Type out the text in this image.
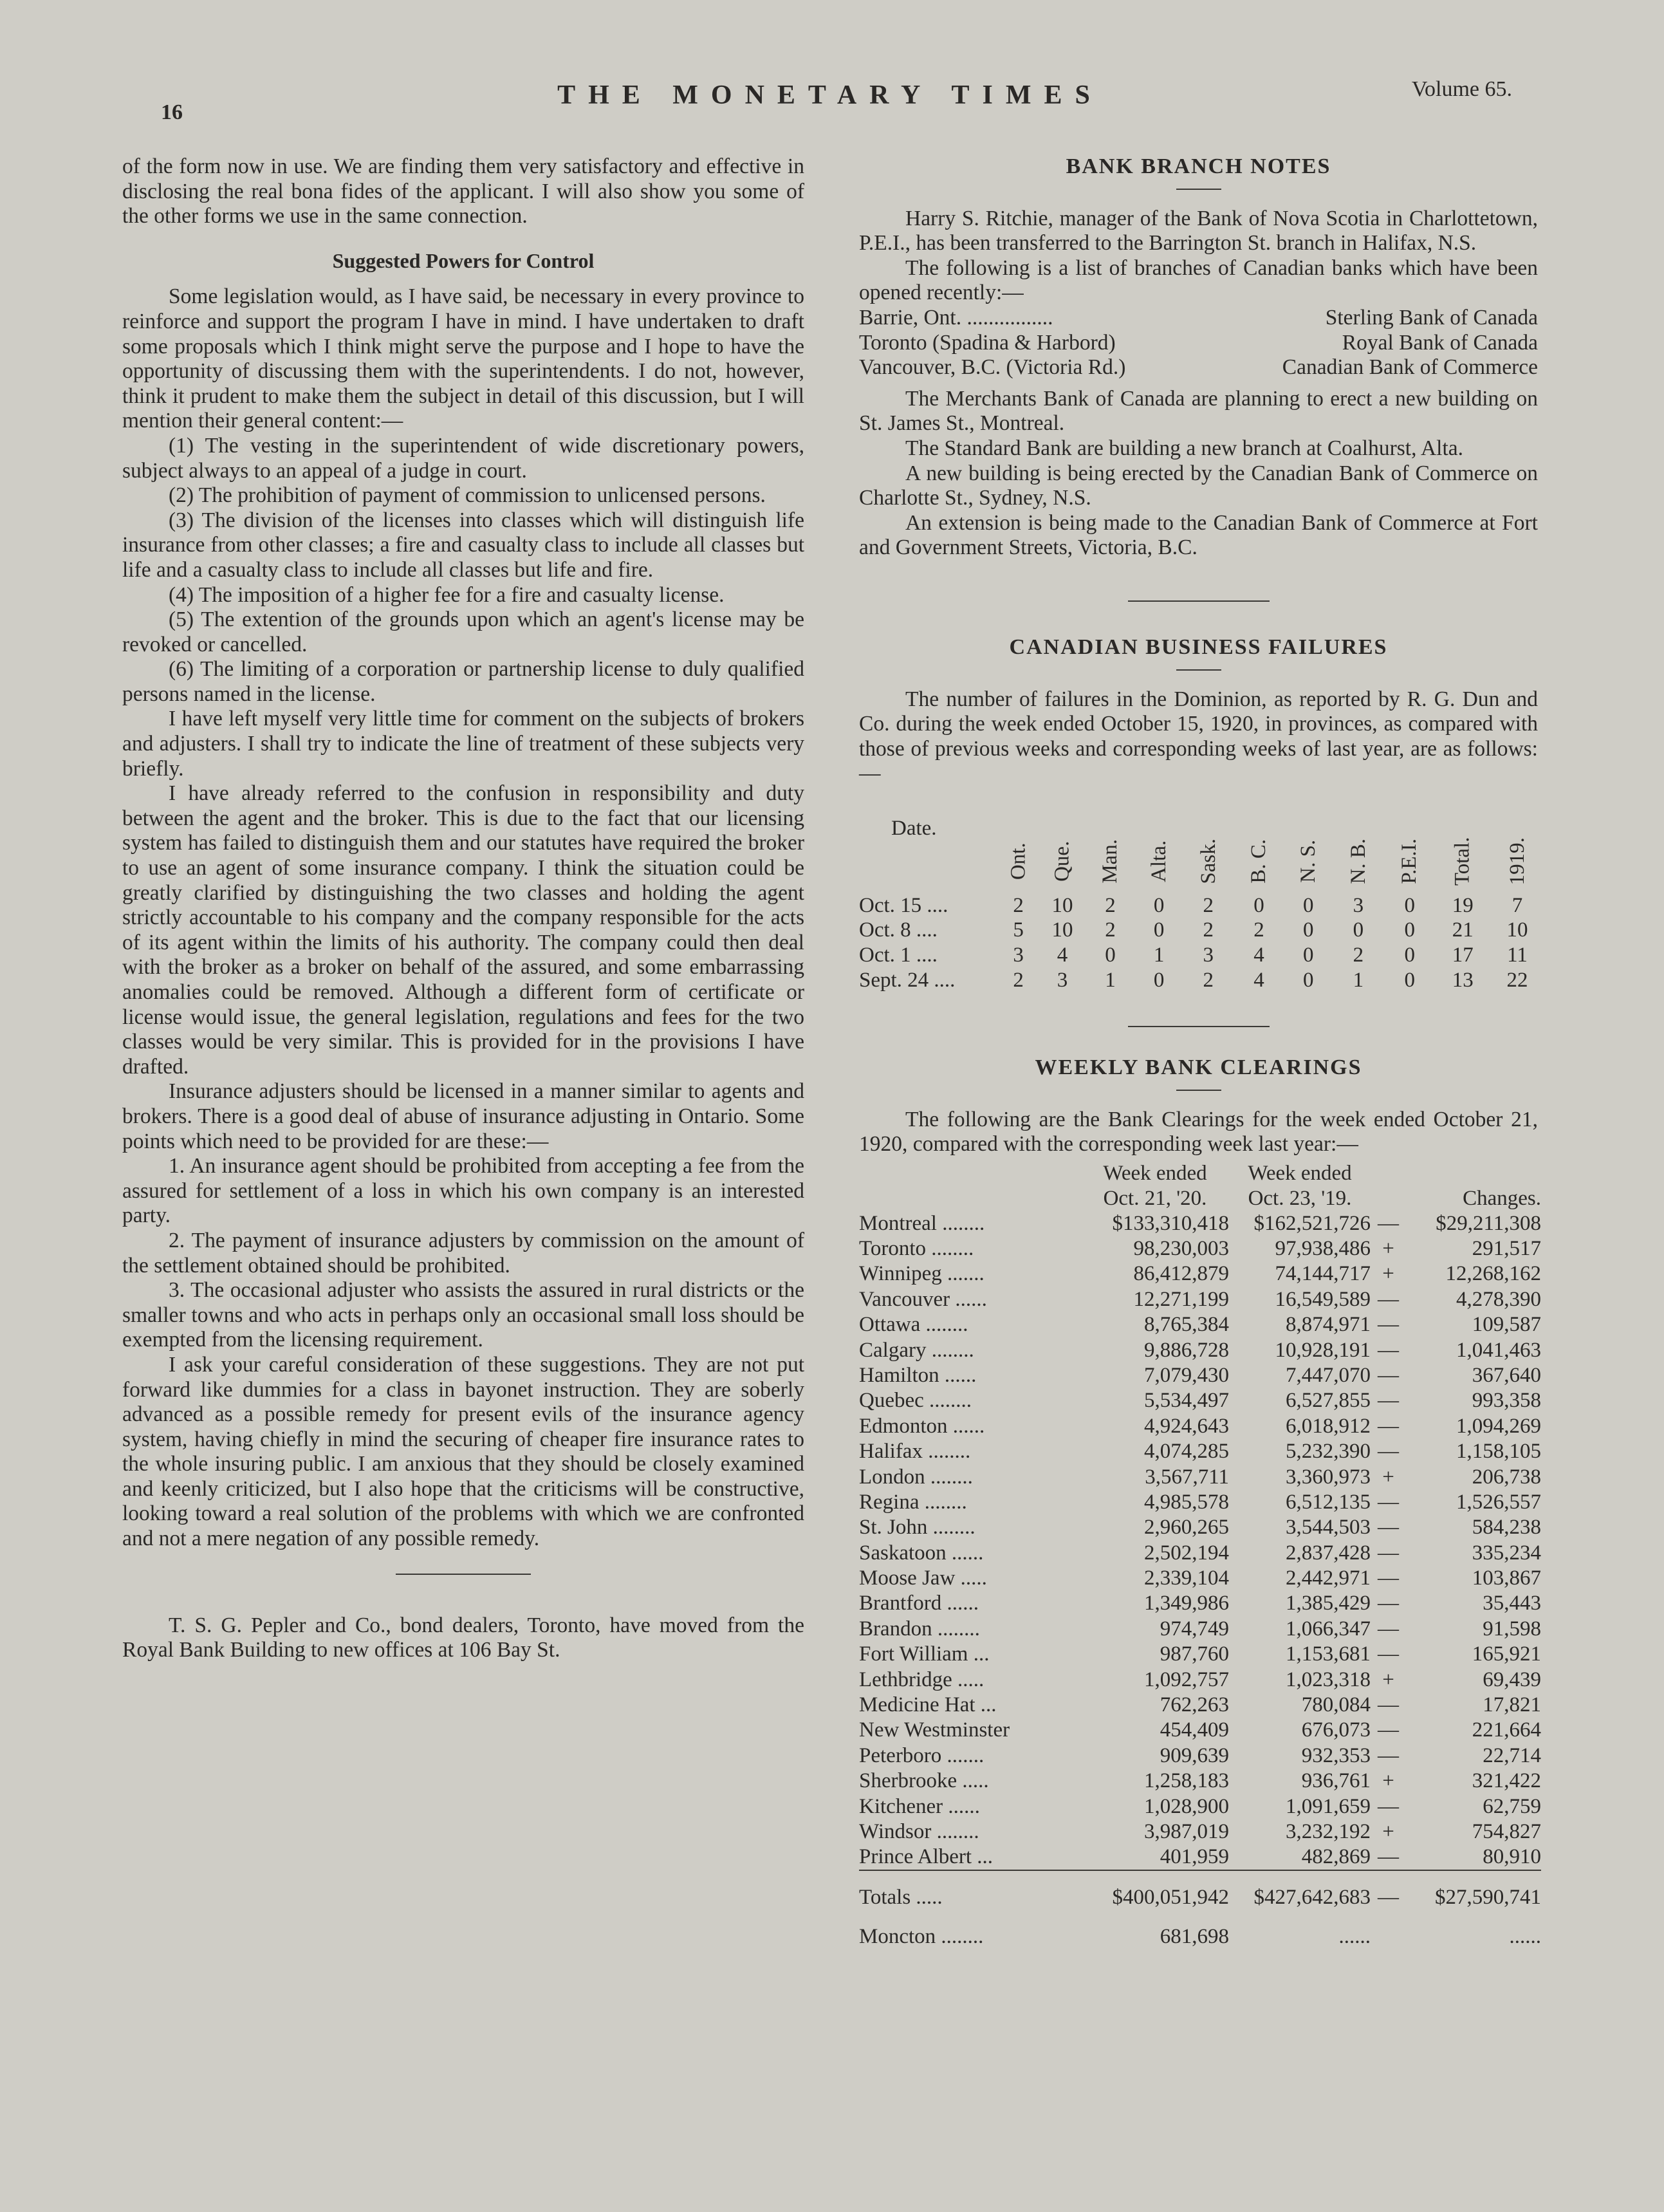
16
THE MONETARY TIMES	Volume 65.

of the form now in use. We are finding them very satisfactory and effective in disclosing the real bona fides of the applicant. I will also show you some of the other forms we use in the same connection.

Suggested Powers for Control

Some legislation would, as I have said, be necessary in every province to reinforce and support the program I have in mind. I have undertaken to draft some proposals which I think might serve the purpose and I hope to have the opportunity of discussing them with the superintendents. I do not, however, think it prudent to make them the subject in detail of this discussion, but I will mention their general content:—

(1) The vesting in the superintendent of wide discretionary powers, subject always to an appeal of a judge in court.

(2) The prohibition of payment of commission to unlicensed persons.

(3) The division of the licenses into classes which will distinguish life insurance from other classes; a fire and casualty class to include all classes but life and a casualty class to include all classes but life and fire.

(4) The imposition of a higher fee for a fire and casualty license.

(5) The extention of the grounds upon which an agent's license may be revoked or cancelled.

(6) The limiting of a corporation or partnership license to duly qualified persons named in the license.

I have left myself very little time for comment on the subjects of brokers and adjusters. I shall try to indicate the line of treatment of these subjects very briefly.

I have already referred to the confusion in responsibility and duty between the agent and the broker. This is due to the fact that our licensing system has failed to distinguish them and our statutes have required the broker to use an agent of some insurance company. I think the situation could be greatly clarified by distinguishing the two classes and holding the agent strictly accountable to his company and the company responsible for the acts of its agent within the limits of his authority. The company could then deal with the broker as a broker on behalf of the assured, and some embarrassing anomalies could be removed. Although a different form of certificate or license would issue, the general legislation, regulations and fees for the two classes would be very similar. This is provided for in the provisions I have drafted.

Insurance adjusters should be licensed in a manner similar to agents and brokers. There is a good deal of abuse of insurance adjusting in Ontario. Some points which need to be provided for are these:—

1. An insurance agent should be prohibited from accepting a fee from the assured for settlement of a loss in which his own company is an interested party.

2. The payment of insurance adjusters by commission on the amount of the settlement obtained should be prohibited.

3. The occasional adjuster who assists the assured in rural districts or the smaller towns and who acts in perhaps only an occasional small loss should be exempted from the licensing requirement.

I ask your careful consideration of these suggestions. They are not put forward like dummies for a class in bayonet instruction. They are soberly advanced as a possible remedy for present evils of the insurance agency system, having chiefly in mind the securing of cheaper fire insurance rates to the whole insuring public. I am anxious that they should be closely examined and keenly criticized, but I also hope that the criticisms will be constructive, looking toward a real solution of the problems with which we are confronted and not a mere negation of any possible remedy.

T. S. G. Pepler and Co., bond dealers, Toronto, have moved from the Royal Bank Building to new offices at 106 Bay St.

BANK BRANCH NOTES

Harry S. Ritchie, manager of the Bank of Nova Scotia in Charlottetown, P.E.I., has been transferred to the Barrington St. branch in Halifax, N.S.

The following is a list of branches of Canadian banks which have been opened recently:—

Barrie, Ont. ................	Sterling Bank of Canada
Toronto (Spadina & Harbord)	Royal Bank of Canada
Vancouver, B.C. (Victoria Rd.)	Canadian Bank of Commerce

The Merchants Bank of Canada are planning to erect a new building on St. James St., Montreal.

The Standard Bank are building a new branch at Coalhurst, Alta.

A new building is being erected by the Canadian Bank of Commerce on Charlotte St., Sydney, N.S.

An extension is being made to the Canadian Bank of Commerce at Fort and Government Streets, Victoria, B.C.

CANADIAN BUSINESS FAILURES

The number of failures in the Dominion, as reported by R. G. Dun and Co. during the week ended October 15, 1920, in provinces, as compared with those of previous weeks and corresponding weeks of last year, are as follows:—

Date.	Ont.	Que.	Man.	Alta.	Sask.	B. C.	N. S.	N. B.	P.E.I.	Total.	1919.
Oct. 15 ....	2	10	2	0	2	0	0	3	0	19	7
Oct. 8 ....	5	10	2	0	2	2	0	0	0	21	10
Oct. 1 ....	3	4	0	1	3	4	0	2	0	17	11
Sept. 24 ....	2	3	1	0	2	4	0	1	0	13	22
WEEKLY BANK CLEARINGS

The following are the Bank Clearings for the week ended October 21, 1920, compared with the corresponding week last year:—

	Week ended	Week ended		
	Oct. 21, '20.	Oct. 23, '19.		Changes.
Montreal ........	$133,310,418	$162,521,726	—	$29,211,308
Toronto ........	98,230,003	97,938,486	+	291,517
Winnipeg .......	86,412,879	74,144,717	+	12,268,162
Vancouver ......	12,271,199	16,549,589	—	4,278,390
Ottawa ........	8,765,384	8,874,971	—	109,587
Calgary ........	9,886,728	10,928,191	—	1,041,463
Hamilton ......	7,079,430	7,447,070	—	367,640
Quebec ........	5,534,497	6,527,855	—	993,358
Edmonton ......	4,924,643	6,018,912	—	1,094,269
Halifax ........	4,074,285	5,232,390	—	1,158,105
London ........	3,567,711	3,360,973	+	206,738
Regina ........	4,985,578	6,512,135	—	1,526,557
St. John ........	2,960,265	3,544,503	—	584,238
Saskatoon ......	2,502,194	2,837,428	—	335,234
Moose Jaw .....	2,339,104	2,442,971	—	103,867
Brantford ......	1,349,986	1,385,429	—	35,443
Brandon ........	974,749	1,066,347	—	91,598
Fort William ...	987,760	1,153,681	—	165,921
Lethbridge .....	1,092,757	1,023,318	+	69,439
Medicine Hat ...	762,263	780,084	—	17,821
New Westminster	454,409	676,073	—	221,664
Peterboro .......	909,639	932,353	—	22,714
Sherbrooke .....	1,258,183	936,761	+	321,422
Kitchener ......	1,028,900	1,091,659	—	62,759
Windsor ........	3,987,019	3,232,192	+	754,827
Prince Albert ...	401,959	482,869	—	80,910
Totals .....	$400,051,942	$427,642,683	—	$27,590,741
Moncton ........	681,698	......		......
